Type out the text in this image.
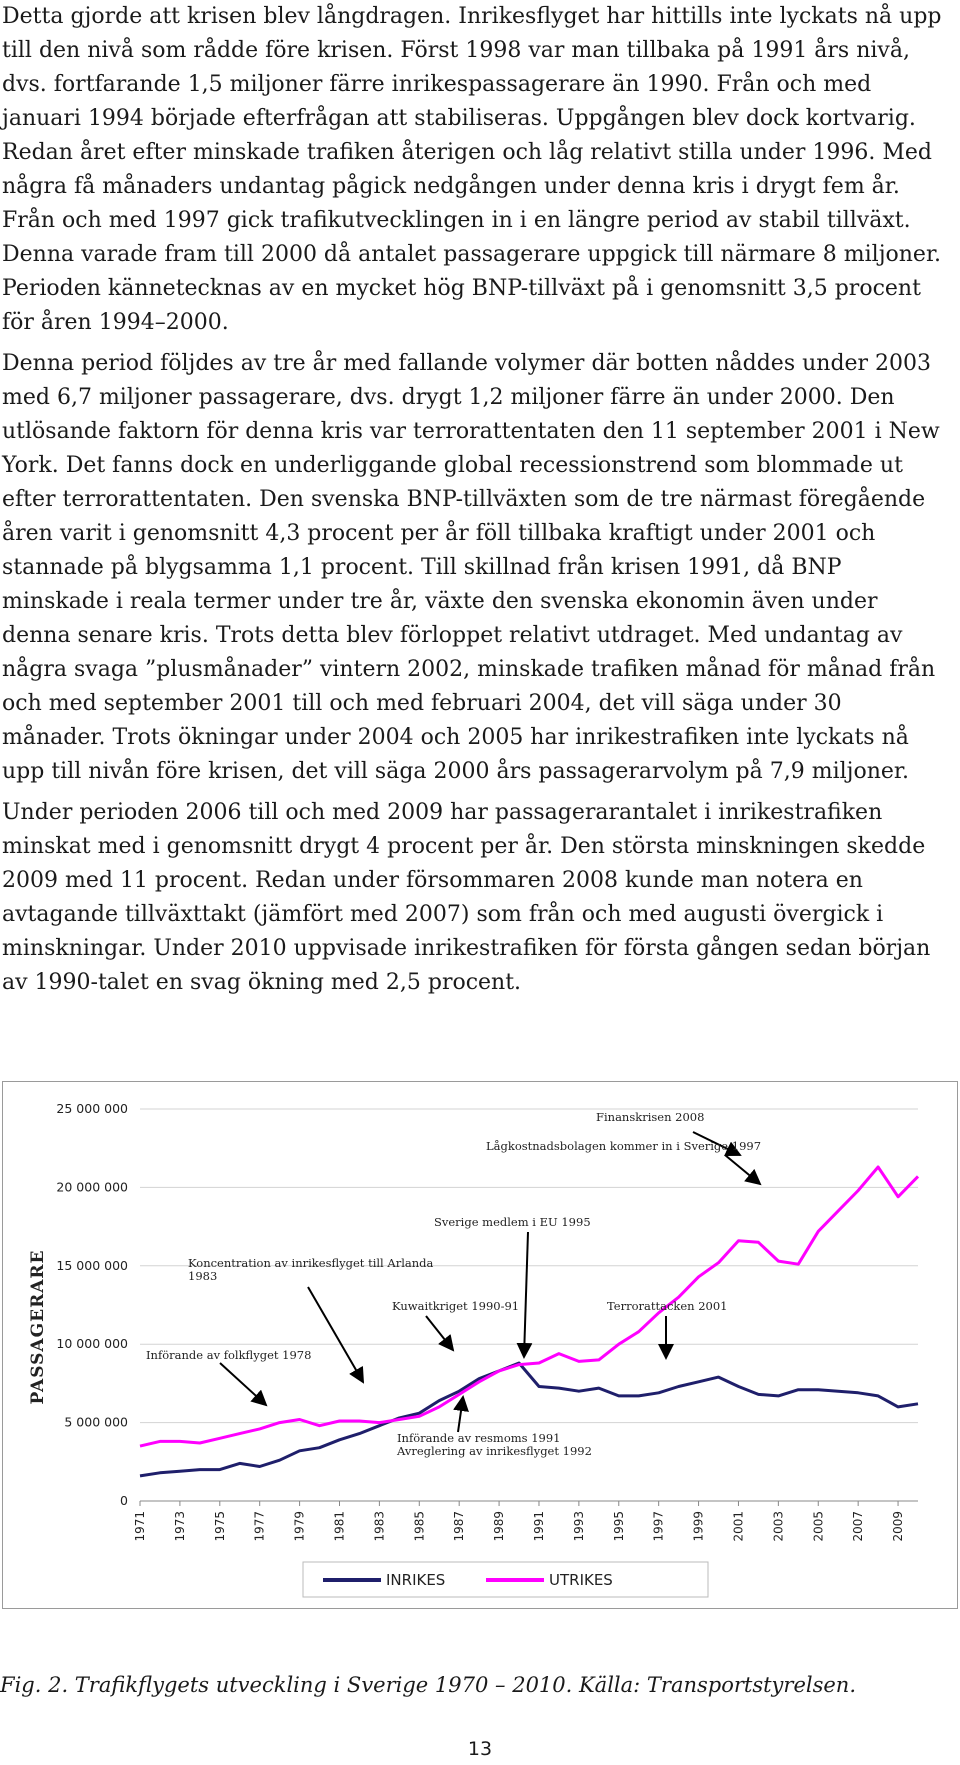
Detta gjorde att krisen blev långdragen. Inrikesflyget har hittills inte lyckats nå upp till den nivå som rådde före krisen. Först 1998 var man tillbaka på 1991 års nivå, dvs. fortfarande 1,5 miljoner färre inrikespassagerare än 1990. Från och med januari 1994 började efterfrågan att stabiliseras. Uppgången blev dock kortvarig. Redan året efter minskade trafiken återigen och låg relativt stilla under 1996. Med några få månaders undantag pågick nedgången under denna kris i drygt fem år. Från och med 1997 gick trafikutvecklingen in i en längre period av stabil tillväxt. Denna varade fram till 2000 då antalet passagerare uppgick till närmare 8 miljoner. Perioden kännetecknas av en mycket hög BNP-tillväxt på i genomsnitt 3,5 procent för åren 1994–2000.

Denna period följdes av tre år med fallande volymer där botten nåddes under 2003 med 6,7 miljoner passagerare, dvs. drygt 1,2 miljoner färre än under 2000. Den utlösande faktorn för denna kris var terrorattentaten den 11 september 2001 i New York. Det fanns dock en underliggande global recessionstrend som blommade ut efter terrorattentaten. Den svenska BNP-tillväxten som de tre närmast föregående åren varit i genomsnitt 4,3 procent per år föll tillbaka kraftigt under 2001 och stannade på blygsamma 1,1 procent. Till skillnad från krisen 1991, då BNP minskade i reala termer under tre år, växte den svenska ekonomin även under denna senare kris. Trots detta blev förloppet relativt utdraget. Med undantag av några svaga ”plusmånader” vintern 2002, minskade trafiken månad för månad från och med september 2001 till och med februari 2004, det vill säga under 30 månader. Trots ökningar under 2004 och 2005 har inrikestrafiken inte lyckats nå upp till nivån före krisen, det vill säga 2000 års passagerarvolym på 7,9 miljoner.

Under perioden 2006 till och med 2009 har passagerarantalet i inrikestrafiken minskat med i genomsnitt drygt 4 procent per år. Den största minskningen skedde 2009 med 11 procent. Redan under försommaren 2008 kunde man notera en avtagande tillväxttakt (jämfört med 2007) som från och med augusti övergick i minskningar. Under 2010 uppvisade inrikestrafiken för första gången sedan början av 1990-talet en svag ökning med 2,5 procent.

0
5 000 000
10 000 000
15 000 000
20 000 000
25 000 000
1971 1973 1975 1977 1979 1981 1983 1985 1987 1989 1991 1993 1995 1997 1999 2001 2003 2005 2007 2009
PASSAGERARE
Finanskrisen 2008
Lågkostnadsbolagen kommer in i Sverige 1997
Sverige medlem i EU 1995
Koncentration av inrikesflyget till Arlanda 1983
Kuwaitkriget 1990-91	Terrorattacken 2001
Införande av folkflyget 1978
Införande av resmoms 1991 Avreglering av inrikesflyget 1992
INRIKES	UTRIKES
Fig. 2. Trafikflygets utveckling i Sverige 1970 – 2010. Källa: Transportstyrelsen.
13
